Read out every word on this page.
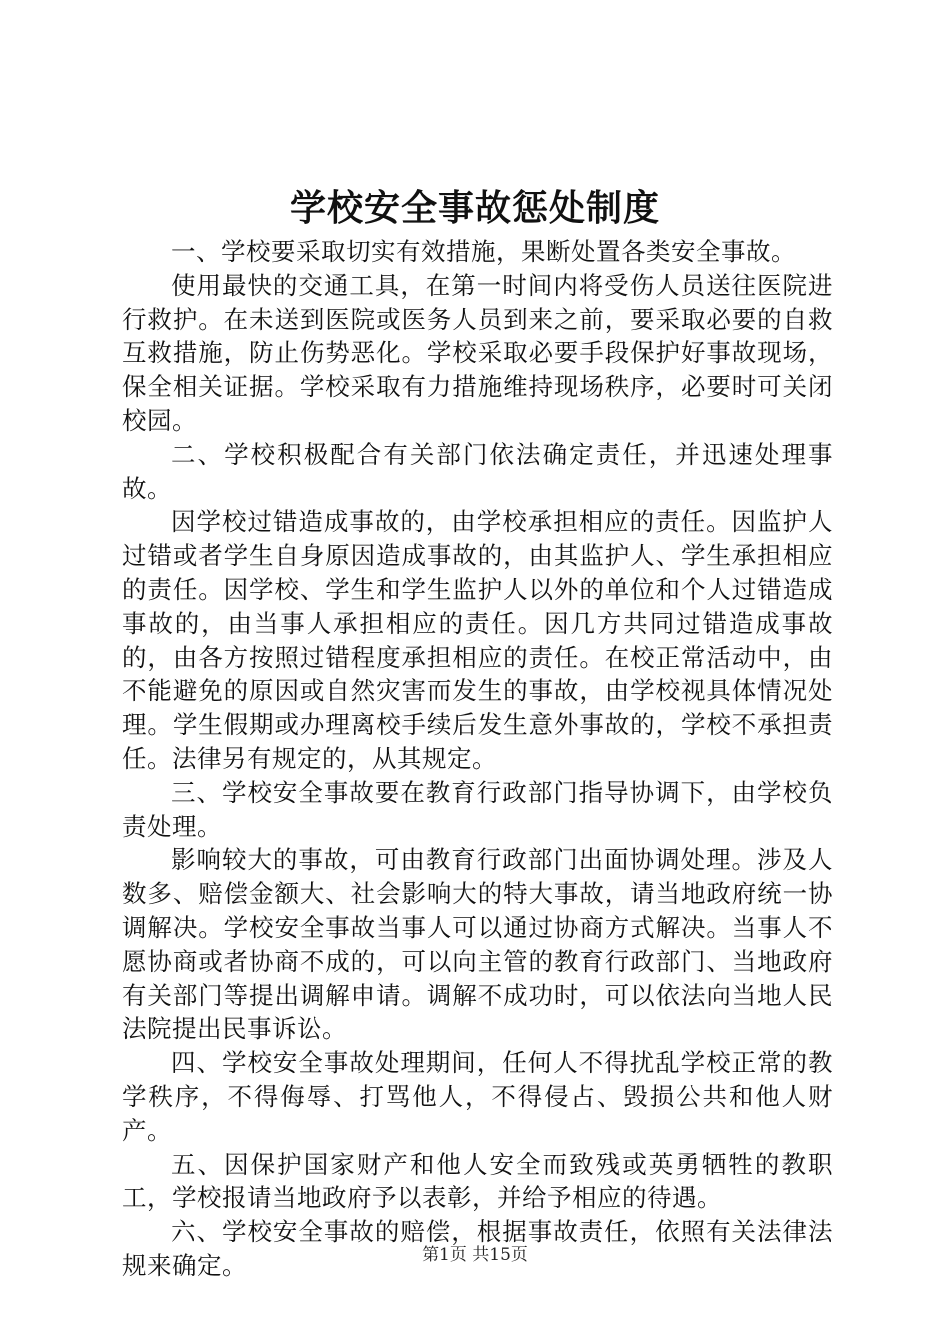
学校安全事故惩处制度

一、学校要采取切实有效措施，果断处置各类安全事故。

使用最快的交通工具，在第一时间内将受伤人员送往医院进行救护。在未送到医院或医务人员到来之前，要采取必要的自救互救措施，防止伤势恶化。学校采取必要手段保护好事故现场，保全相关证据。学校采取有力措施维持现场秩序，必要时可关闭校园。

二、学校积极配合有关部门依法确定责任，并迅速处理事故。

因学校过错造成事故的，由学校承担相应的责任。因监护人过错或者学生自身原因造成事故的，由其监护人、学生承担相应的责任。因学校、学生和学生监护人以外的单位和个人过错造成事故的，由当事人承担相应的责任。因几方共同过错造成事故的，由各方按照过错程度承担相应的责任。在校正常活动中，由不能避免的原因或自然灾害而发生的事故，由学校视具体情况处理。学生假期或办理离校手续后发生意外事故的，学校不承担责任。法律另有规定的，从其规定。

三、学校安全事故要在教育行政部门指导协调下，由学校负责处理。

影响较大的事故，可由教育行政部门出面协调处理。涉及人数多、赔偿金额大、社会影响大的特大事故，请当地政府统一协调解决。学校安全事故当事人可以通过协商方式解决。当事人不愿协商或者协商不成的，可以向主管的教育行政部门、当地政府有关部门等提出调解申请。调解不成功时，可以依法向当地人民法院提出民事诉讼。

四、学校安全事故处理期间，任何人不得扰乱学校正常的教学秩序，不得侮辱、打骂他人，不得侵占、毁损公共和他人财产。

五、因保护国家财产和他人安全而致残或英勇牺牲的教职工，学校报请当地政府予以表彰，并给予相应的待遇。

六、学校安全事故的赔偿，根据事故责任，依照有关法律法规来确定。	第1页 共15页
